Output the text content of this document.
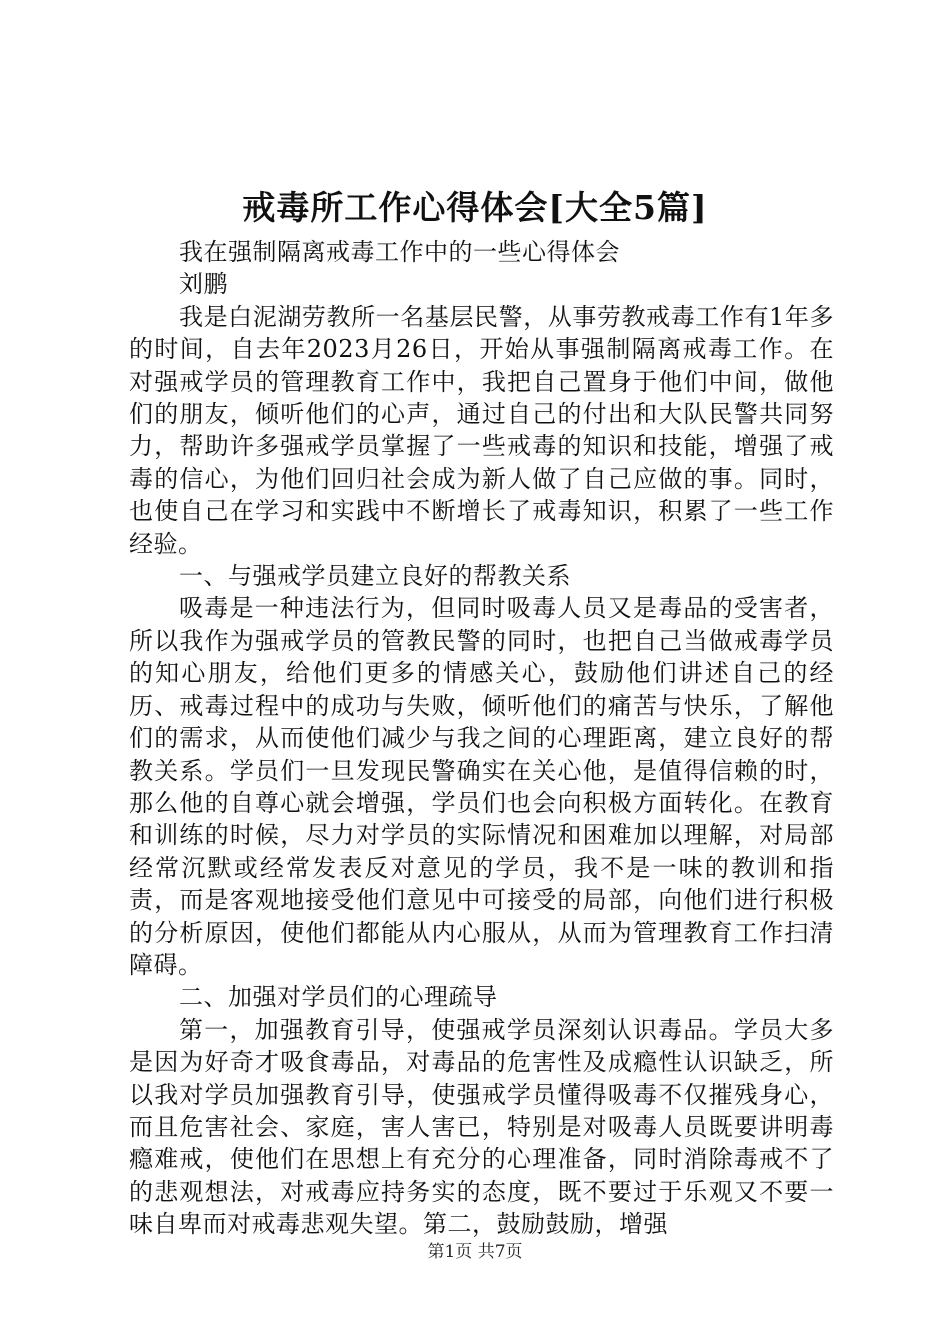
戒毒所工作心得体会[大全5篇]

我在强制隔离戒毒工作中的一些心得体会

刘鹏

我是白泥湖劳教所一名基层民警，从事劳教戒毒工作有1年多的时间，自去年2023月26日，开始从事强制隔离戒毒工作。在对强戒学员的管理教育工作中，我把自己置身于他们中间，做他们的朋友，倾听他们的心声，通过自己的付出和大队民警共同努力，帮助许多强戒学员掌握了一些戒毒的知识和技能，增强了戒毒的信心，为他们回归社会成为新人做了自己应做的事。同时，也使自己在学习和实践中不断增长了戒毒知识，积累了一些工作经验。

一、与强戒学员建立良好的帮教关系

吸毒是一种违法行为，但同时吸毒人员又是毒品的受害者，所以我作为强戒学员的管教民警的同时，也把自己当做戒毒学员的知心朋友，给他们更多的情感关心，鼓励他们讲述自己的经历、戒毒过程中的成功与失败，倾听他们的痛苦与快乐，了解他们的需求，从而使他们减少与我之间的心理距离，建立良好的帮教关系。学员们一旦发现民警确实在关心他，是值得信赖的时，那么他的自尊心就会增强，学员们也会向积极方面转化。在教育和训练的时候，尽力对学员的实际情况和困难加以理解，对局部经常沉默或经常发表反对意见的学员，我不是一味的教训和指责，而是客观地接受他们意见中可接受的局部，向他们进行积极的分析原因，使他们都能从内心服从，从而为管理教育工作扫清障碍。

二、加强对学员们的心理疏导

第一，加强教育引导，使强戒学员深刻认识毒品。学员大多是因为好奇才吸食毒品，对毒品的危害性及成瘾性认识缺乏，所以我对学员加强教育引导，使强戒学员懂得吸毒不仅摧残身心，而且危害社会、家庭，害人害已，特别是对吸毒人员既要讲明毒瘾难戒，使他们在思想上有充分的心理准备，同时消除毒戒不了的悲观想法，对戒毒应持务实的态度，既不要过于乐观又不要一味自卑而对戒毒悲观失望。第二，鼓励鼓励，增强

第1页 共7页
